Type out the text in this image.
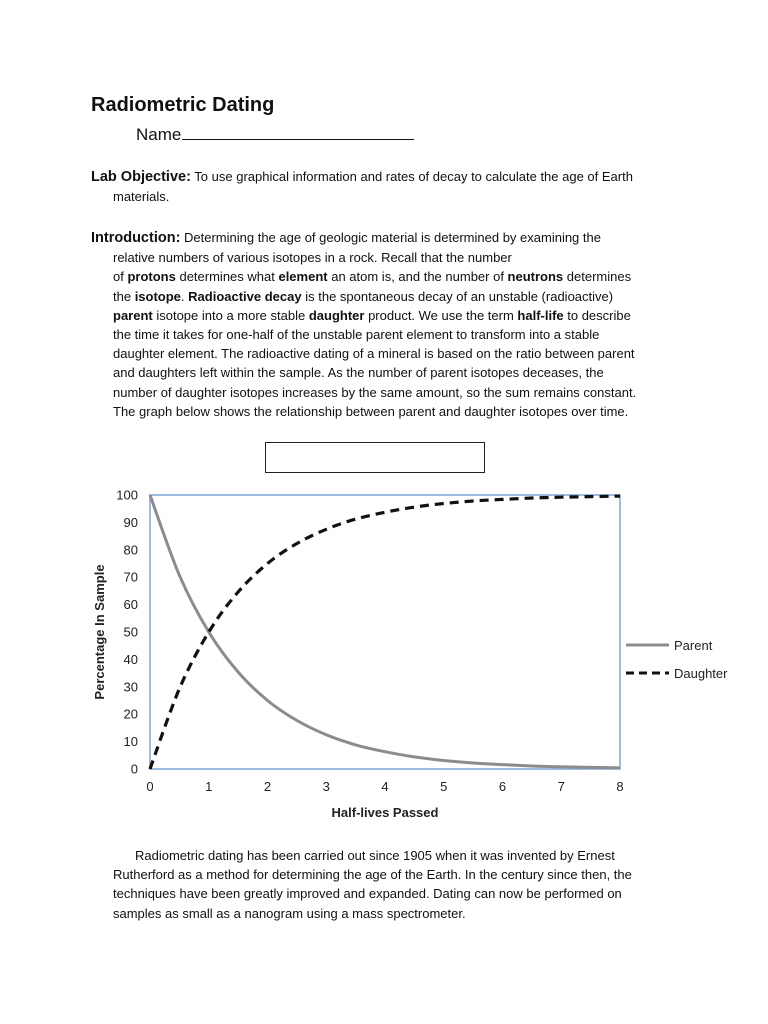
Radiometric Dating
Name
Lab Objective: To use graphical information and rates of decay to calculate the age of Earth
materials.
Introduction: Determining the age of geologic material is determined by examining the
relative numbers of various isotopes in a rock. Recall that the number
of protons determines what element an atom is, and the number of neutrons determines
the isotope. Radioactive decay is the spontaneous decay of an unstable (radioactive)
parent isotope into a more stable daughter product. We use the term half-life to describe
the time it takes for one-half of the unstable parent element to transform into a stable
daughter element. The radioactive dating of a mineral is based on the ratio between parent
and daughters left within the sample. As the number of parent isotopes deceases, the
number of daughter isotopes increases by the same amount, so the sum remains constant.
The graph below shows the relationship between parent and daughter isotopes over time.
0
10
20
30
40
50
60
70
80
90
100
0	1	2	3	4	5	6	7	8
Half-lives Passed
Percentage In Sample	Parent
Daughter
Radiometric dating has been carried out since 1905 when it was invented by Ernest
Rutherford as a method for determining the age of the Earth. In the century since then, the
techniques have been greatly improved and expanded. Dating can now be performed on
samples as small as a nanogram using a mass spectrometer.
